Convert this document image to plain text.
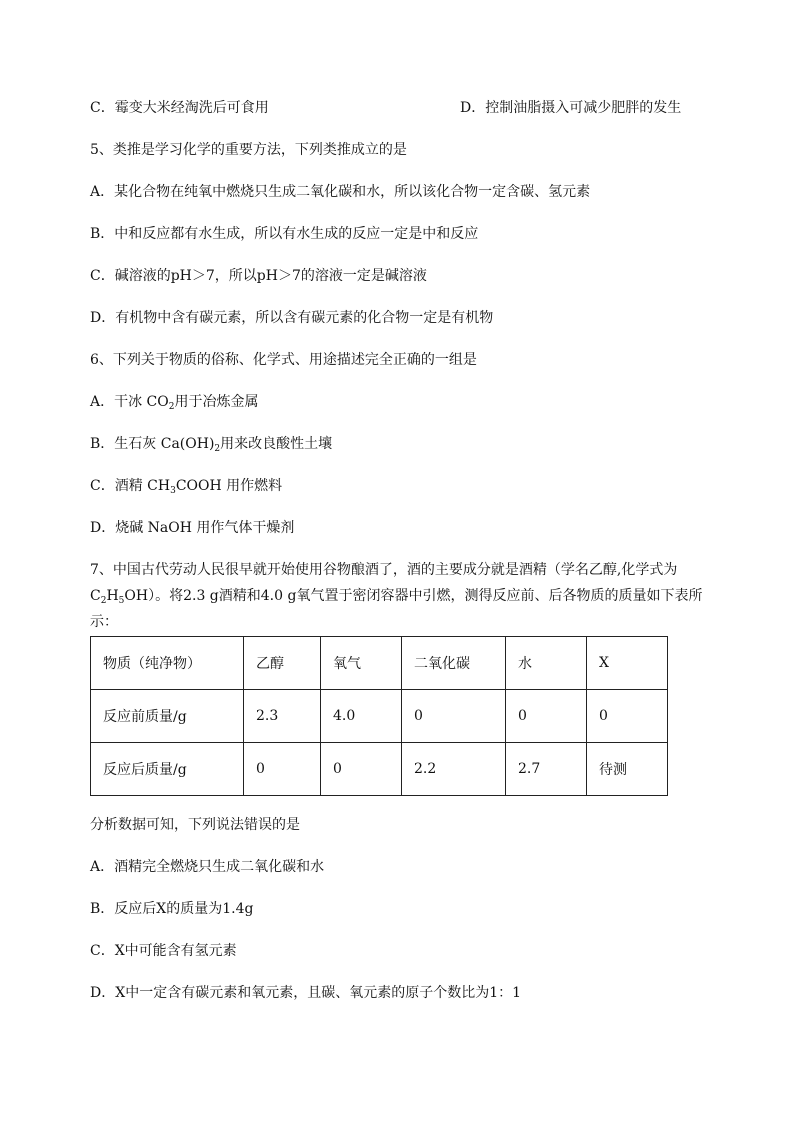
C．霉变大米经淘洗后可食用	D．控制油脂摄入可减少肥胖的发生
5、类推是学习化学的重要方法，下列类推成立的是
A．某化合物在纯氧中燃烧只生成二氧化碳和水，所以该化合物一定含碳、氢元素
B．中和反应都有水生成，所以有水生成的反应一定是中和反应
C．碱溶液的pH＞7，所以pH＞7的溶液一定是碱溶液
D．有机物中含有碳元素，所以含有碳元素的化合物一定是有机物
6、下列关于物质的俗称、化学式、用途描述完全正确的一组是
A．干冰 $CO_2$用于冶炼金属
B．生石灰 $Ca(OH)_2$用来改良酸性土壤
C．酒精 $CH_3COOH$ 用作燃料
D．烧碱 NaOH 用作气体干燥剂
7、中国古代劳动人民很早就开始使用谷物酿酒了，酒的主要成分就是酒精（学名乙醇,化学式为
$C_2H_5OH$）。将2.3 g酒精和4.0 g氧气置于密闭容器中引燃，测得反应前、后各物质的质量如下表所
示：
物质（纯净物）	乙醇	氧气	二氧化碳	水	X
反应前质量/g	2.3	4.0	0	0	0
反应后质量/g	0	0	2.2	2.7	待测
分析数据可知，下列说法错误的是
A．酒精完全燃烧只生成二氧化碳和水
B．反应后X的质量为1.4g
C．X中可能含有氢元素
D．X中一定含有碳元素和氧元素，且碳、氧元素的原子个数比为1：1
